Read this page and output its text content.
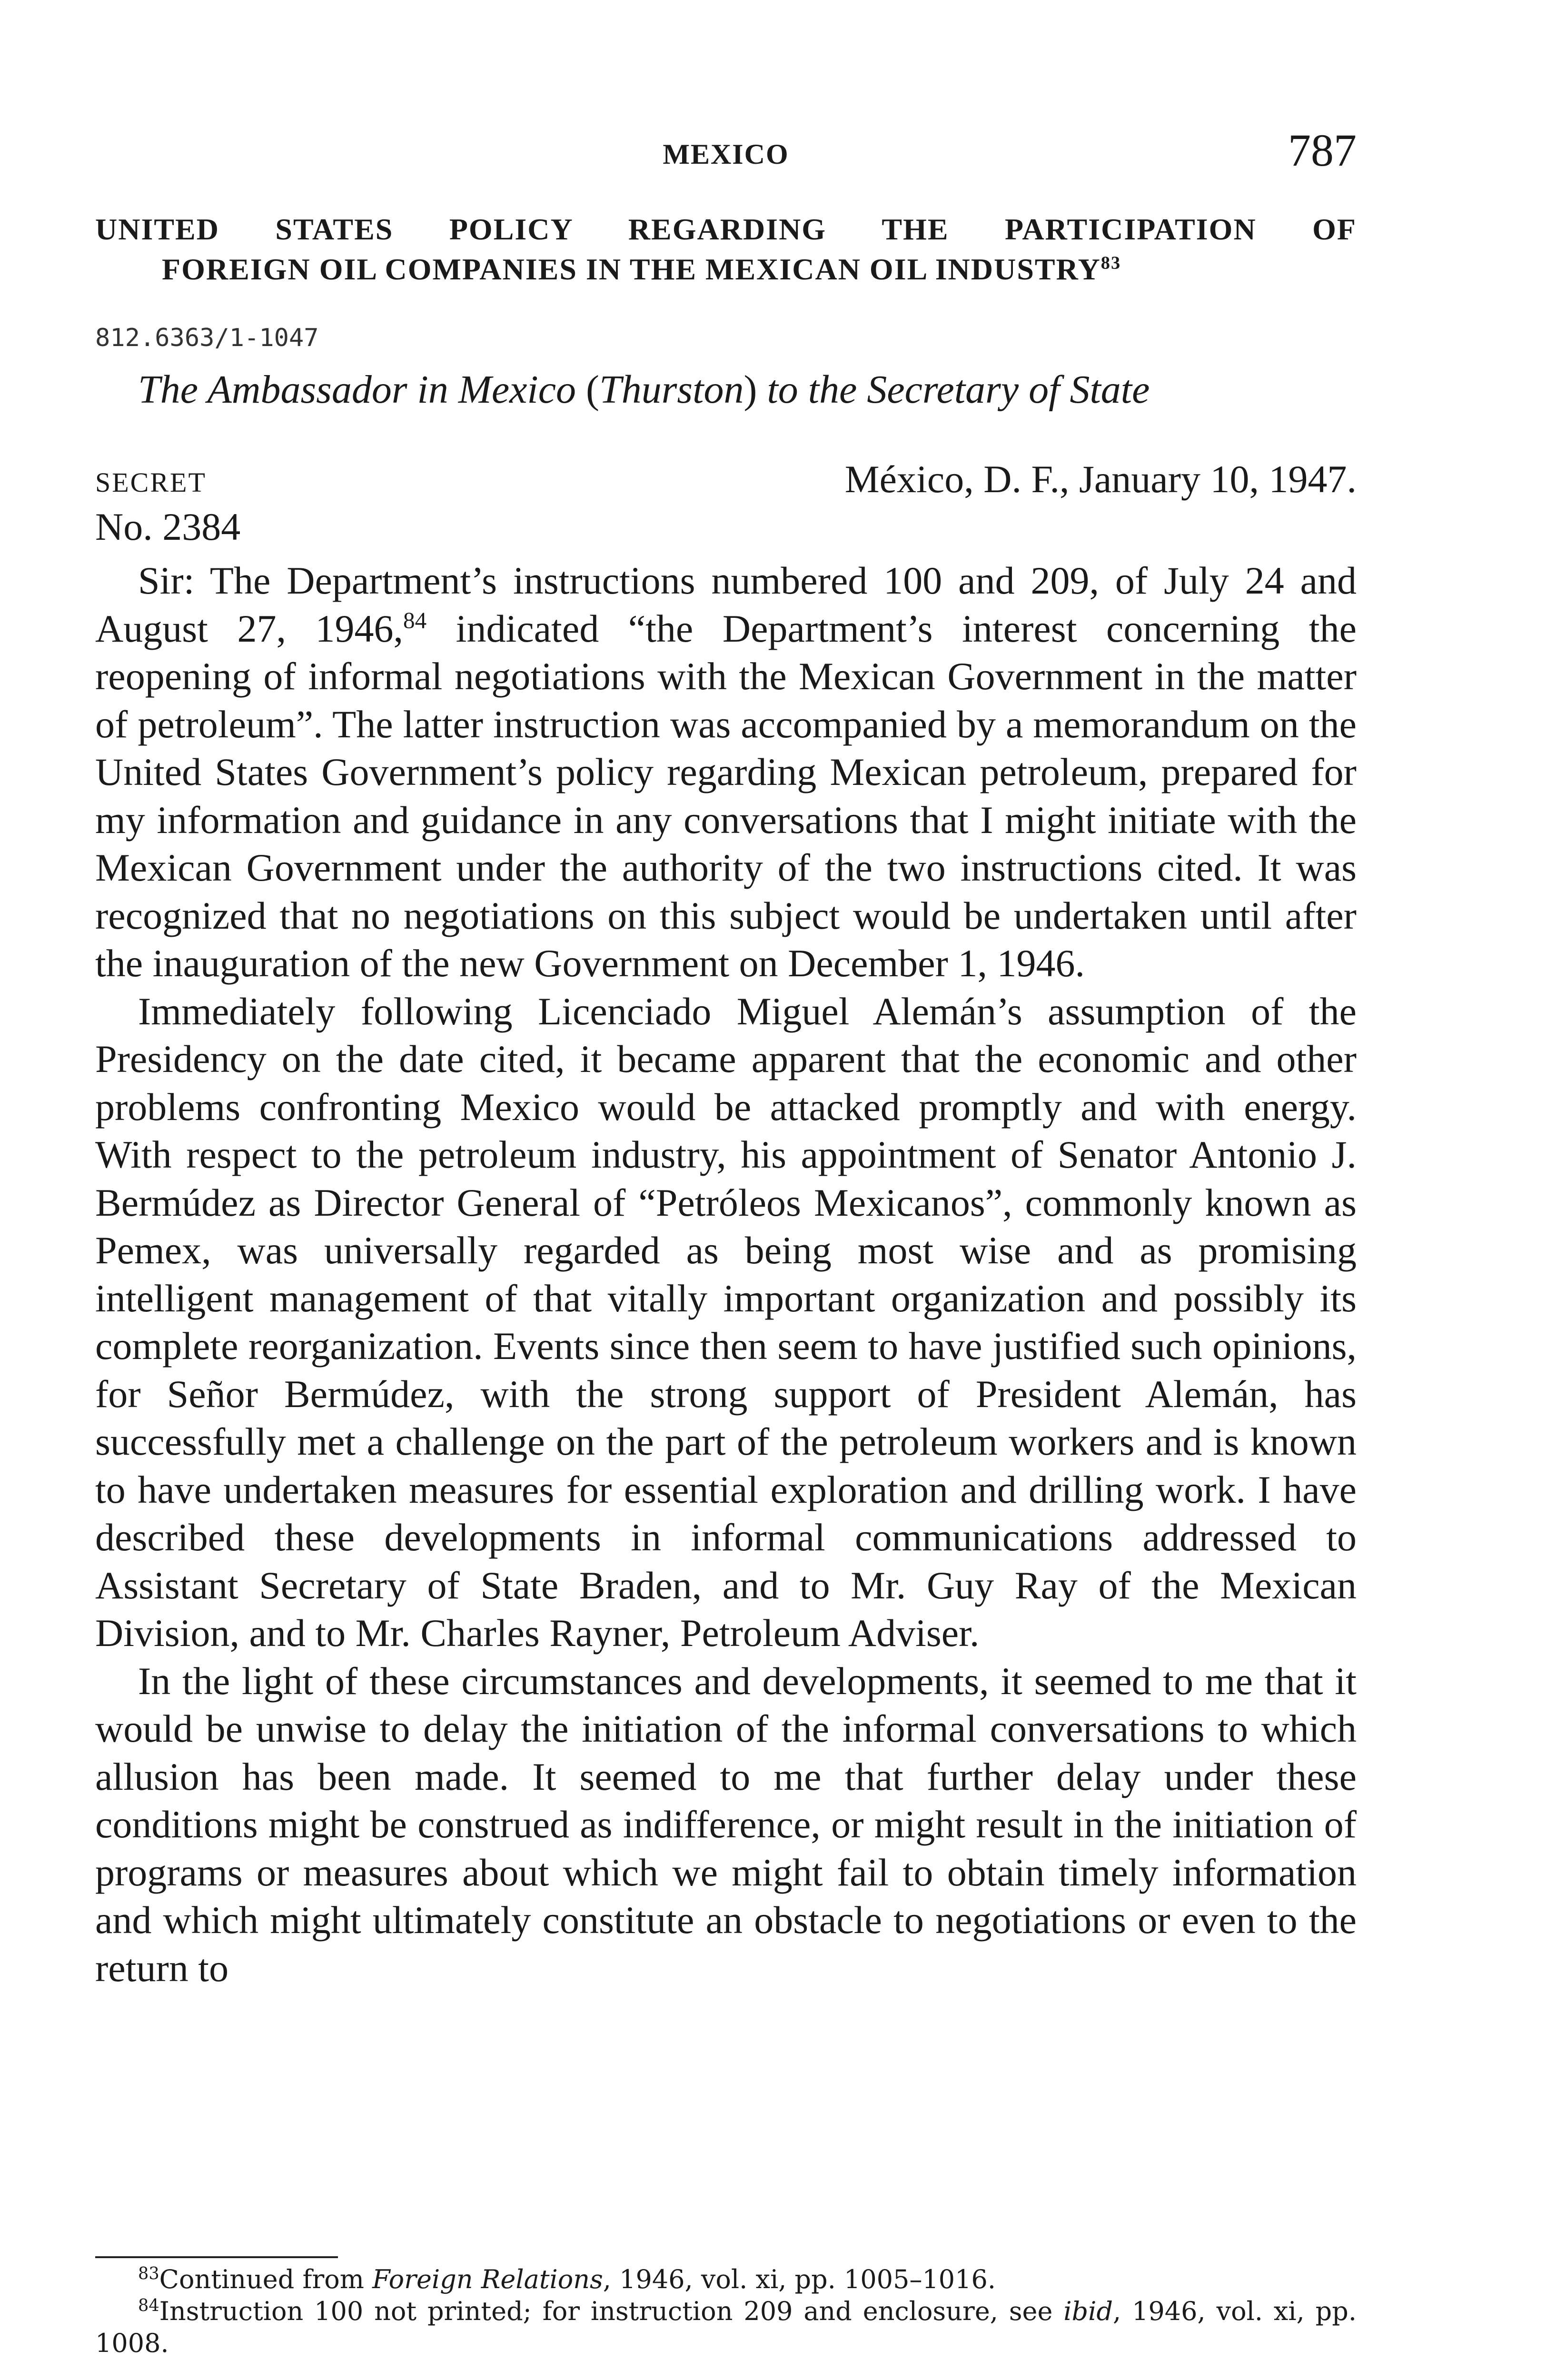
MEXICO	787
UNITED STATES POLICY REGARDING THE PARTICIPATION OF
FOREIGN OIL COMPANIES IN THE MEXICAN OIL INDUSTRY$^{83}$
812.6363/1-1047
The Ambassador in Mexico (Thurston) to the Secretary of State
SECRET	México, D. F., January 10, 1947.
No. 2384

Sir: The Department’s instructions numbered 100 and 209, of July 24 and August 27, 1946,84 indicated “the Department’s interest concerning the reopening of informal negotiations with the Mexican Government in the matter of petroleum”. The latter instruction was accompanied by a memorandum on the United States Government’s policy regarding Mexican petroleum, prepared for my information and guidance in any conversations that I might initiate with the Mexican Government under the authority of the two instructions cited. It was recognized that no negotiations on this subject would be undertaken until after the inauguration of the new Government on December 1, 1946.

Immediately following Licenciado Miguel Alemán’s assumption of the Presidency on the date cited, it became apparent that the economic and other problems confronting Mexico would be attacked promptly and with energy. With respect to the petroleum industry, his appointment of Senator Antonio J. Bermúdez as Director General of “Petróleos Mexicanos”, commonly known as Pemex, was universally regarded as being most wise and as promising intelligent management of that vitally important organization and possibly its complete reorganization. Events since then seem to have justified such opinions, for Señor Bermúdez, with the strong support of President Alemán, has successfully met a challenge on the part of the petroleum workers and is known to have undertaken measures for essential exploration and drilling work. I have described these developments in informal communications addressed to Assistant Secretary of State Braden, and to Mr. Guy Ray of the Mexican Division, and to Mr. Charles Rayner, Petroleum Adviser.

In the light of these circumstances and developments, it seemed to me that it would be unwise to delay the initiation of the informal conversations to which allusion has been made. It seemed to me that further delay under these conditions might be construed as indifference, or might result in the initiation of programs or measures about which we might fail to obtain timely information and which might ultimately constitute an obstacle to negotiations or even to the return to

$^{83}$Continued from Foreign Relations, 1946, vol. xi, pp. 1005–1016.

$^{84}$Instruction 100 not printed; for instruction 209 and enclosure, see ibid, 1946, vol. xi, pp. 1008.
